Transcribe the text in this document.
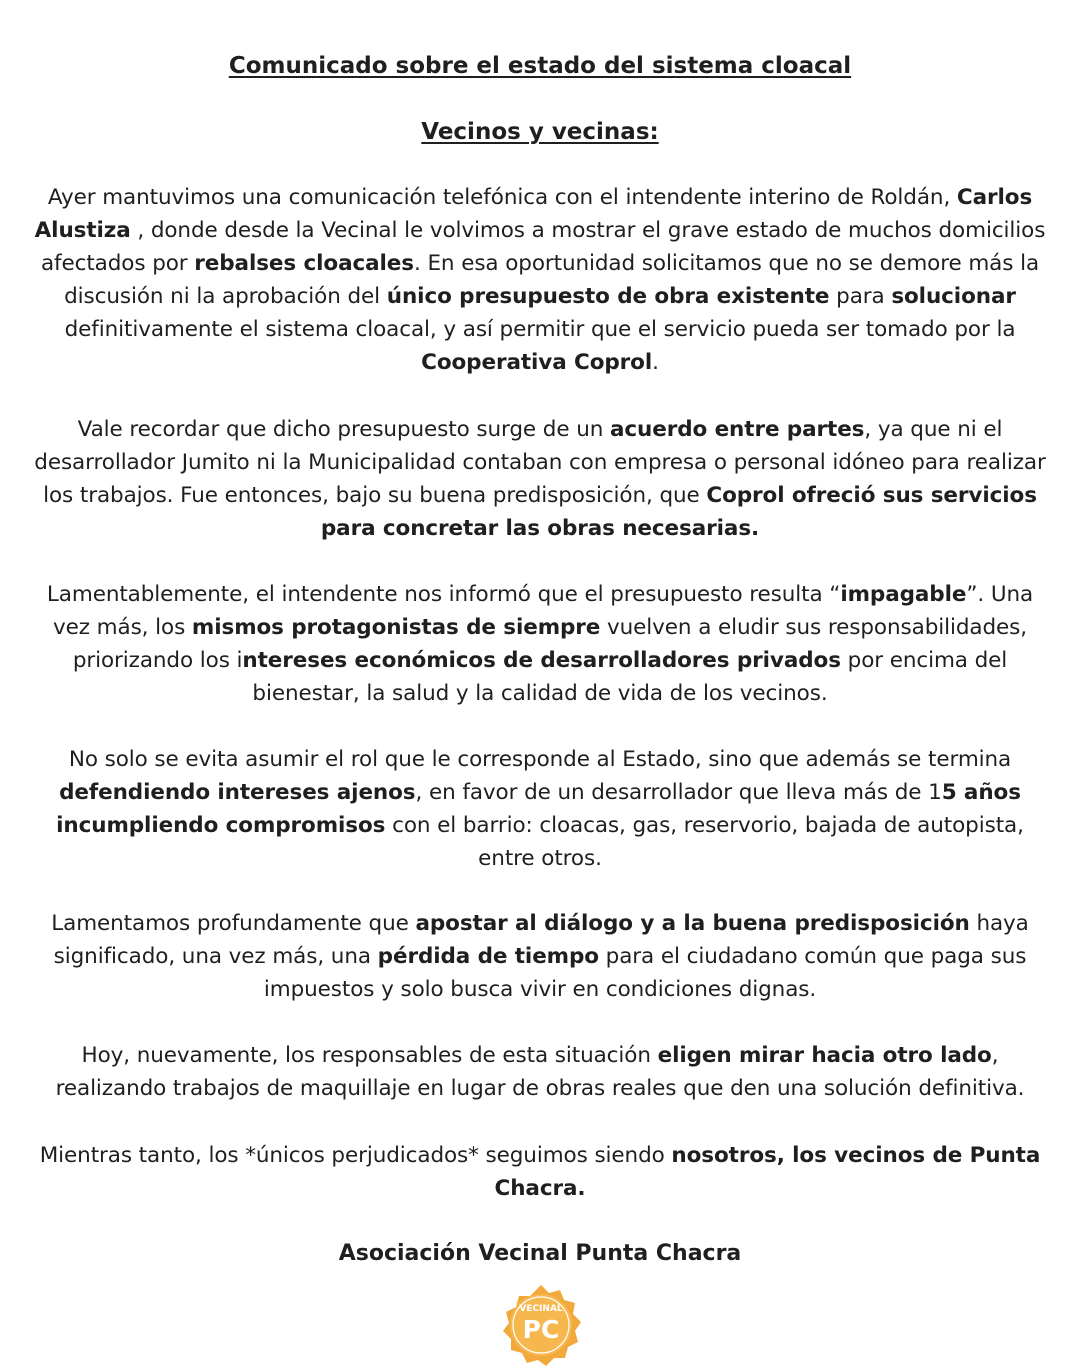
Comunicado sobre el estado del sistema cloacal

Vecinos y vecinas:

Ayer mantuvimos una comunicación telefónica con el intendente interino de Roldán, Carlos Alustiza , donde desde la Vecinal le volvimos a mostrar el grave estado de muchos domicilios afectados por rebalses cloacales. En esa oportunidad solicitamos que no se demore más la discusión ni la aprobación del único presupuesto de obra existente para solucionar definitivamente el sistema cloacal, y así permitir que el servicio pueda ser tomado por la Cooperativa Coprol.

Vale recordar que dicho presupuesto surge de un acuerdo entre partes, ya que ni el desarrollador Jumito ni la Municipalidad contaban con empresa o personal idóneo para realizar los trabajos. Fue entonces, bajo su buena predisposición, que Coprol ofreció sus servicios para concretar las obras necesarias.

Lamentablemente, el intendente nos informó que el presupuesto resulta “impagable”. Una vez más, los mismos protagonistas de siempre vuelven a eludir sus responsabilidades, priorizando los intereses económicos de desarrolladores privados por encima del bienestar, la salud y la calidad de vida de los vecinos.

No solo se evita asumir el rol que le corresponde al Estado, sino que además se termina defendiendo intereses ajenos, en favor de un desarrollador que lleva más de 15 años incumpliendo compromisos con el barrio: cloacas, gas, reservorio, bajada de autopista, entre otros.

Lamentamos profundamente que apostar al diálogo y a la buena predisposición haya significado, una vez más, una pérdida de tiempo para el ciudadano común que paga sus impuestos y solo busca vivir en condiciones dignas.

Hoy, nuevamente, los responsables de esta situación eligen mirar hacia otro lado, realizando trabajos de maquillaje en lugar de obras reales que den una solución definitiva.

Mientras tanto, los *únicos perjudicados* seguimos siendo nosotros, los vecinos de Punta Chacra.

Asociación Vecinal Punta Chacra

VECINAL
PC
